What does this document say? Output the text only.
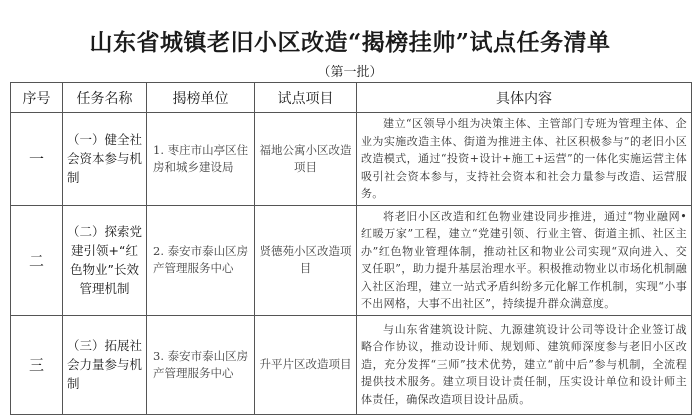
山东省城镇老旧小区改造“揭榜挂帅”试点任务清单
（第一批）
序号	任务名称	揭榜单位	试点项目	具体内容
一	（一）健全社会资本参与机制	1. 枣庄市山亭区住房和城乡建设局	福地公寓小区改造项目	建立“区领导小组为决策主体、主管部门专班为管理主体、企业为实施改造主体、街道为推进主体、社区积极参与”的老旧小区改造模式，通过“投资+设计+施工+运营”的一体化实施运营主体吸引社会资本参与，支持社会资本和社会力量参与改造、运营服务。
二	（二）探索党建引领+“红色物业”长效管理机制	2. 泰安市泰山区房产管理服务中心	贤德苑小区改造项目	将老旧小区改造和红色物业建设同步推进，通过“物业融网•红暖万家”工程，建立“党建引领、行业主管、街道主抓、社区主办”红色物业管理体制，推动社区和物业公司实现“双向进入、交叉任职”，助力提升基层治理水平。积极推动物业以市场化机制融入社区治理，建立一站式矛盾纠纷多元化解工作机制，实现“小事不出网格，大事不出社区”，持续提升群众满意度。
三	（三）拓展社会力量参与机制	3. 泰安市泰山区房产管理服务中心	升平片区改造项目	与山东省建筑设计院、九源建筑设计公司等设计企业签订战略合作协议，推动设计师、规划师、建筑师深度参与老旧小区改造，充分发挥“三师”技术优势，建立“前中后”参与机制，全流程提供技术服务。建立项目设计责任制，压实设计单位和设计师主体责任，确保改造项目设计品质。
